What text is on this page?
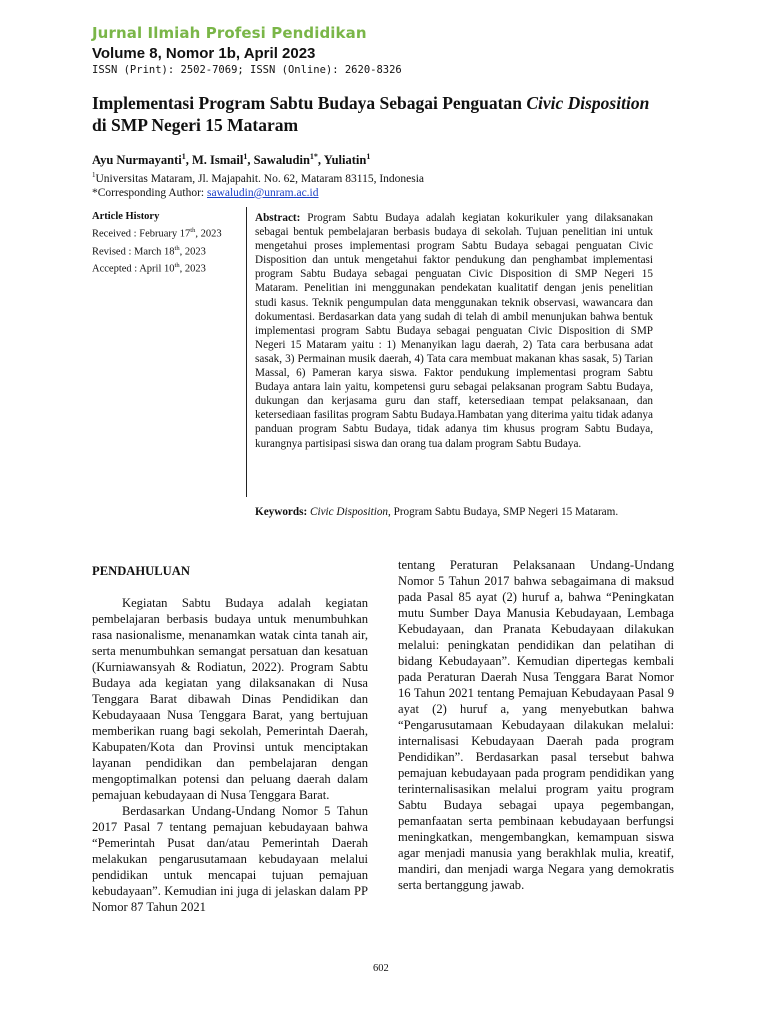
Jurnal Ilmiah Profesi Pendidikan
Volume 8, Nomor 1b, April 2023
ISSN (Print): 2502-7069; ISSN (Online): 2620-8326
Implementasi Program Sabtu Budaya Sebagai Penguatan Civic Disposition
di SMP Negeri 15 Mataram
Ayu Nurmayanti$^1$, M. Ismail$^1$, Sawaludin$^{1*}$, Yuliatin$^1$
$^1$Universitas Mataram, Jl. Majapahit. No. 62, Mataram 83115, Indonesia
*Corresponding Author: sawaludin@unram.ac.id
Article History
Received : February 17th, 2023
Revised : March 18th, 2023
Accepted : April 10th, 2023
Abstract: Program Sabtu Budaya adalah kegiatan kokurikuler yang dilaksanakan sebagai bentuk pembelajaran berbasis budaya di sekolah. Tujuan penelitian ini untuk mengetahui proses implementasi program Sabtu Budaya sebagai penguatan Civic Disposition dan untuk mengetahui faktor pendukung dan penghambat implementasi program Sabtu Budaya sebagai penguatan Civic Disposition di SMP Negeri 15 Mataram. Penelitian ini menggunakan pendekatan kualitatif dengan jenis penelitian studi kasus. Teknik pengumpulan data menggunakan teknik observasi, wawancara dan dokumentasi. Berdasarkan data yang sudah di telah di ambil menunjukan bahwa bentuk implementasi program Sabtu Budaya sebagai penguatan Civic Disposition di SMP Negeri 15 Mataram yaitu : 1) Menanyikan lagu daerah, 2) Tata cara berbusana adat sasak, 3) Permainan musik daerah, 4) Tata cara membuat makanan khas sasak, 5) Tarian Massal, 6) Pameran karya siswa. Faktor pendukung implementasi program Sabtu Budaya antara lain yaitu, kompetensi guru sebagai pelaksanan program Sabtu Budaya, dukungan dan kerjasama guru dan staff, ketersediaan tempat pelaksanaan, dan ketersediaan fasilitas program Sabtu Budaya.Hambatan yang diterima yaitu tidak adanya panduan program Sabtu Budaya, tidak adanya tim khusus program Sabtu Budaya, kurangnya partisipasi siswa dan orang tua dalam program Sabtu Budaya.
Keywords: Civic Disposition, Program Sabtu Budaya, SMP Negeri 15 Mataram.

PENDAHULUAN

Kegiatan Sabtu Budaya adalah kegiatan pembelajaran berbasis budaya untuk menumbuhkan rasa nasionalisme, menanamkan watak cinta tanah air, serta menumbuhkan semangat persatuan dan kesatuan (Kurniawansyah & Rodiatun, 2022). Program Sabtu Budaya ada kegiatan yang dilaksanakan di Nusa Tenggara Barat dibawah Dinas Pendidikan dan Kebudayaaan Nusa Tenggara Barat, yang bertujuan memberikan ruang bagi sekolah, Pemerintah Daerah, Kabupaten/Kota dan Provinsi untuk menciptakan layanan pendidikan dan pembelajaran dengan mengoptimalkan potensi dan peluang daerah dalam pemajuan kebudayaan di Nusa Tenggara Barat.

Berdasarkan Undang-Undang Nomor 5 Tahun 2017 Pasal 7 tentang pemajuan kebudayaan bahwa “Pemerintah Pusat dan/atau Pemerintah Daerah melakukan pengarusutamaan kebudayaan melalui pendidikan untuk mencapai tujuan pemajuan kebudayaan”. Kemudian ini juga di jelaskan dalam PP Nomor 87 Tahun 2021

tentang Peraturan Pelaksanaan Undang-Undang Nomor 5 Tahun 2017 bahwa sebagaimana di maksud pada Pasal 85 ayat (2) huruf a, bahwa “Peningkatan mutu Sumber Daya Manusia Kebudayaan, Lembaga Kebudayaan, dan Pranata Kebudayaan dilakukan melalui: peningkatan pendidikan dan pelatihan di bidang Kebudayaan”. Kemudian dipertegas kembali pada Peraturan Daerah Nusa Tenggara Barat Nomor 16 Tahun 2021 tentang Pemajuan Kebudayaan Pasal 9 ayat (2) huruf a, yang menyebutkan bahwa “Pengarusutamaan Kebudayaan dilakukan melalui: internalisasi Kebudayaan Daerah pada program Pendidikan”. Berdasarkan pasal tersebut bahwa pemajuan kebudayaan pada program pendidikan yang terinternalisasikan melalui program yaitu program Sabtu Budaya sebagai upaya pegembangan, pemanfaatan serta pembinaan kebudayaan berfungsi meningkatkan, mengembangkan, kemampuan siswa agar menjadi manusia yang berakhlak mulia, kreatif, mandiri, dan menjadi warga Negara yang demokratis serta bertanggung jawab.

602
